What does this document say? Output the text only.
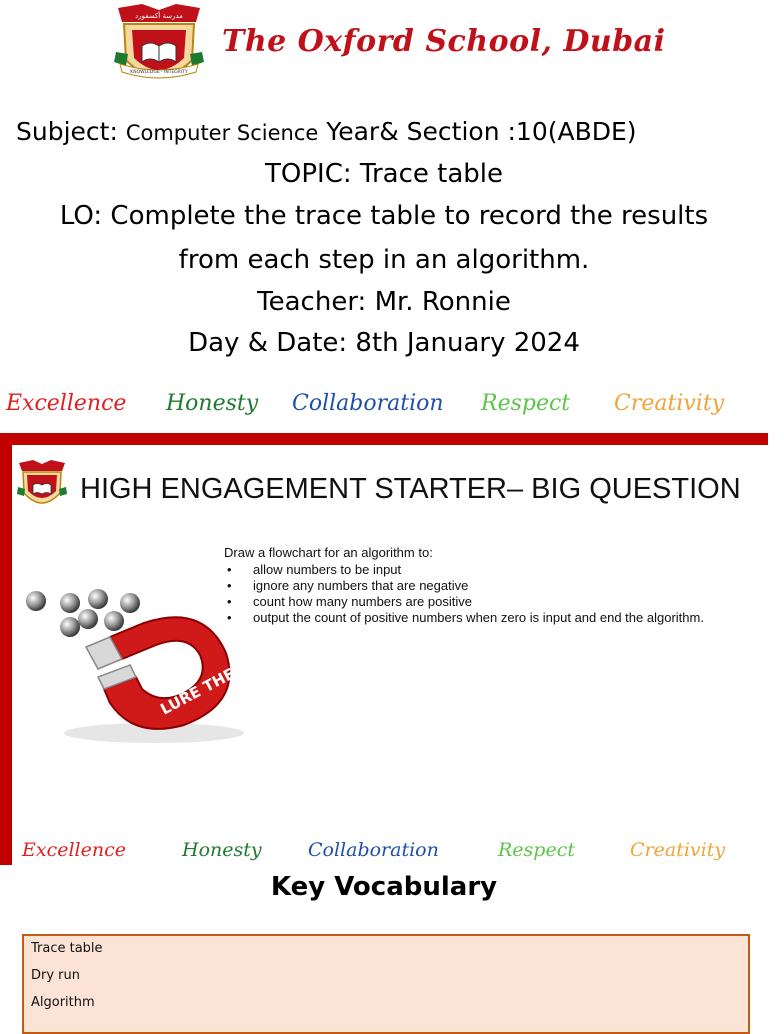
مدرسة أكسفورد
KNOWLEDGE · INTEGRITY
The Oxford School, Dubai
Subject: Computer Science Year& Section :10(ABDE)
TOPIC: Trace table
LO: Complete the trace table to record the results
from each step in an algorithm.
Teacher: Mr. Ronnie
Day & Date: 8th January 2024
Excellence Honesty Collaboration Respect Creativity
HIGH ENGAGEMENT STARTER– BIG QUESTION
LURE THEM IN
Draw a flowchart for an algorithm to:
• allow numbers to be input
• ignore any numbers that are negative
• count how many numbers are positive
• output the count of positive numbers when zero is input and end the algorithm.
Excellence	Honesty Collaboration	Respect	Creativity
Key Vocabulary
Trace table
Dry run
Algorithm
